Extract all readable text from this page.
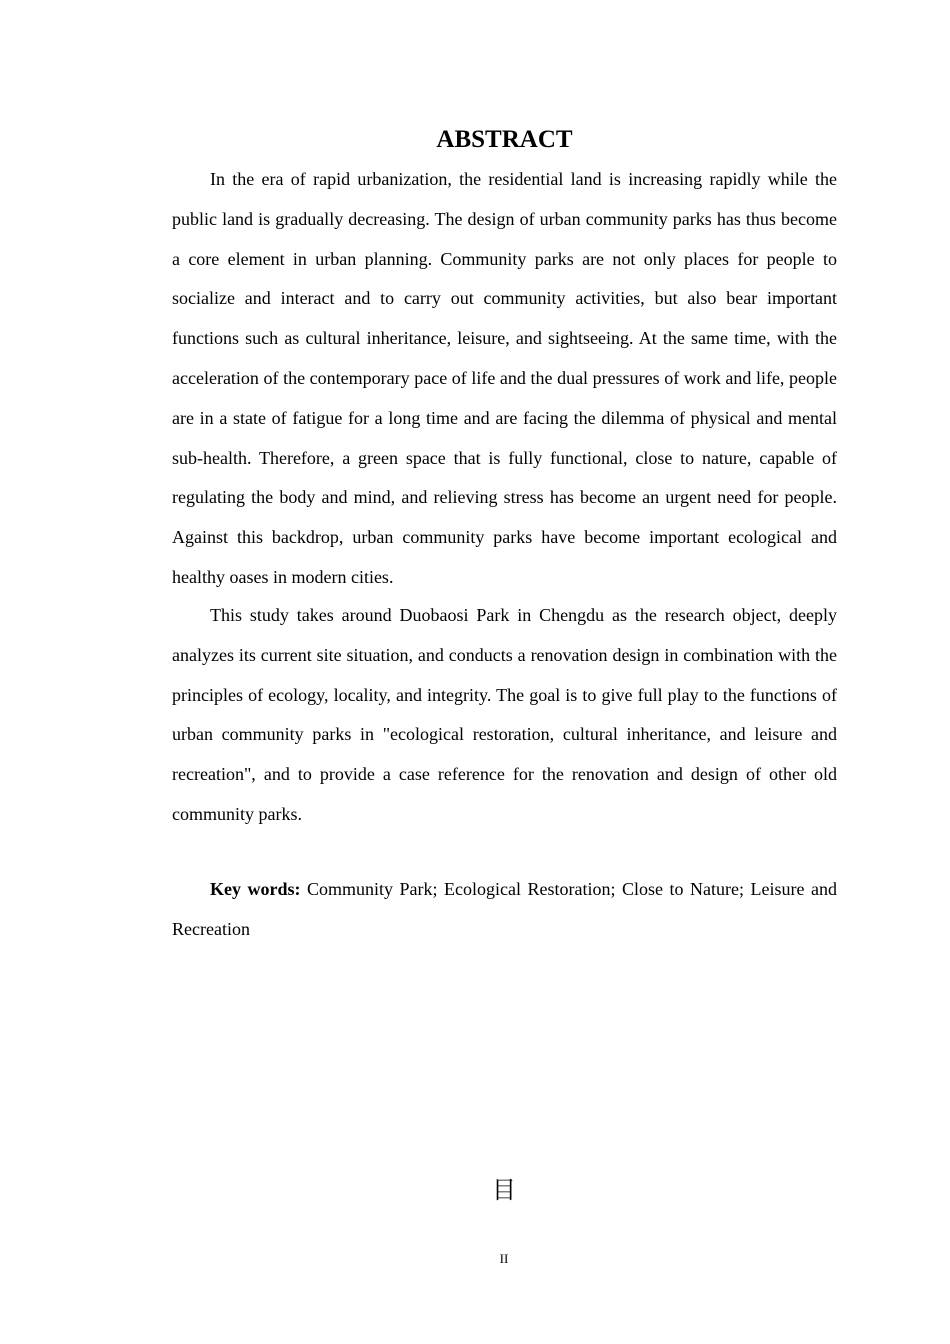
ABSTRACT

In the era of rapid urbanization, the residential land is increasing rapidly while the public land is gradually decreasing. The design of urban community parks has thus become a core element in urban planning. Community parks are not only places for people to socialize and interact and to carry out community activities, but also bear important functions such as cultural inheritance, leisure, and sightseeing. At the same time, with the acceleration of the contemporary pace of life and the dual pressures of work and life, people are in a state of fatigue for a long time and are facing the dilemma of physical and mental sub-health. Therefore, a green space that is fully functional, close to nature, capable of regulating the body and mind, and relieving stress has become an urgent need for people. Against this backdrop, urban community parks have become important ecological and healthy oases in modern cities.

This study takes around Duobaosi Park in Chengdu as the research object, deeply analyzes its current site situation, and conducts a renovation design in combination with the principles of ecology, locality, and integrity. The goal is to give full play to the functions of urban community parks in "ecological restoration, cultural inheritance, and leisure and recreation", and to provide a case reference for the renovation and design of other old community parks.

Key words: Community Park; Ecological Restoration; Close to Nature; Leisure and Recreation

目
II
